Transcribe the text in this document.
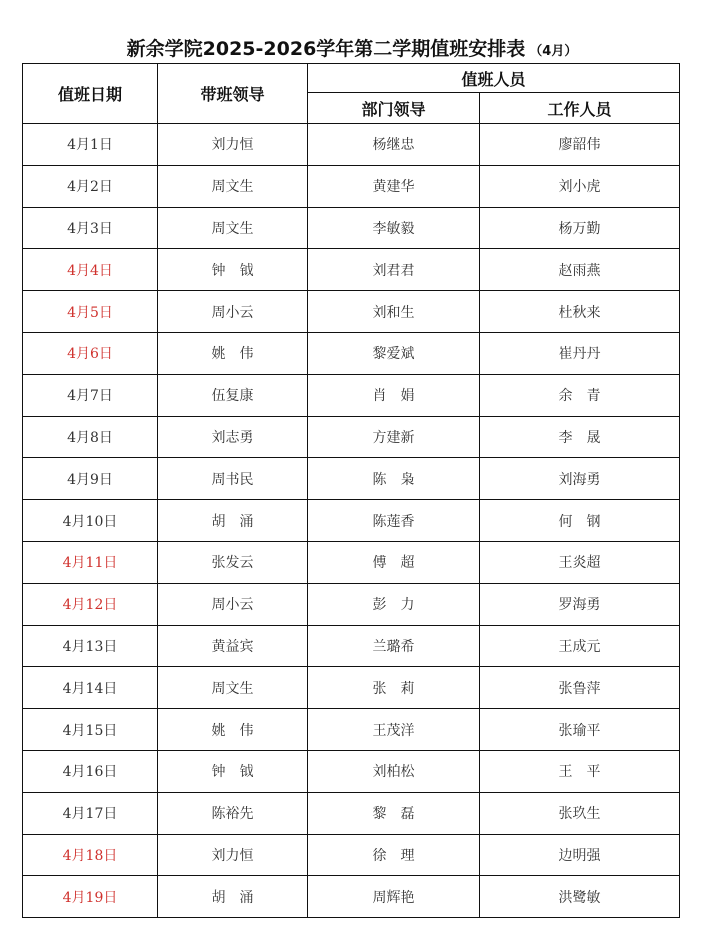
新余学院2025-2026学年第二学期值班安排表 （4月）
值班日期	带班领导	值班人员	
		部门领导	工作人员
4月1日	刘力恒	杨继忠	廖韶伟
4月2日	周文生	黄建华	刘小虎
4月3日	周文生	李敏毅	杨万勤
4月4日	钟　钺	刘君君	赵雨燕
4月5日	周小云	刘和生	杜秋来
4月6日	姚　伟	黎爱斌	崔丹丹
4月7日	伍复康	肖　娟	余　青
4月8日	刘志勇	方建新	李　晟
4月9日	周书民	陈　枭	刘海勇
4月10日	胡　涌	陈莲香	何　钢
4月11日	张发云	傅　超	王炎超
4月12日	周小云	彭　力	罗海勇
4月13日	黄益宾	兰璐希	王成元
4月14日	周文生	张　莉	张鲁萍
4月15日	姚　伟	王茂洋	张瑜平
4月16日	钟　钺	刘柏松	王　平
4月17日	陈裕先	黎　磊	张玖生
4月18日	刘力恒	徐　理	边明强
4月19日	胡　涌	周辉艳	洪鹭敏
